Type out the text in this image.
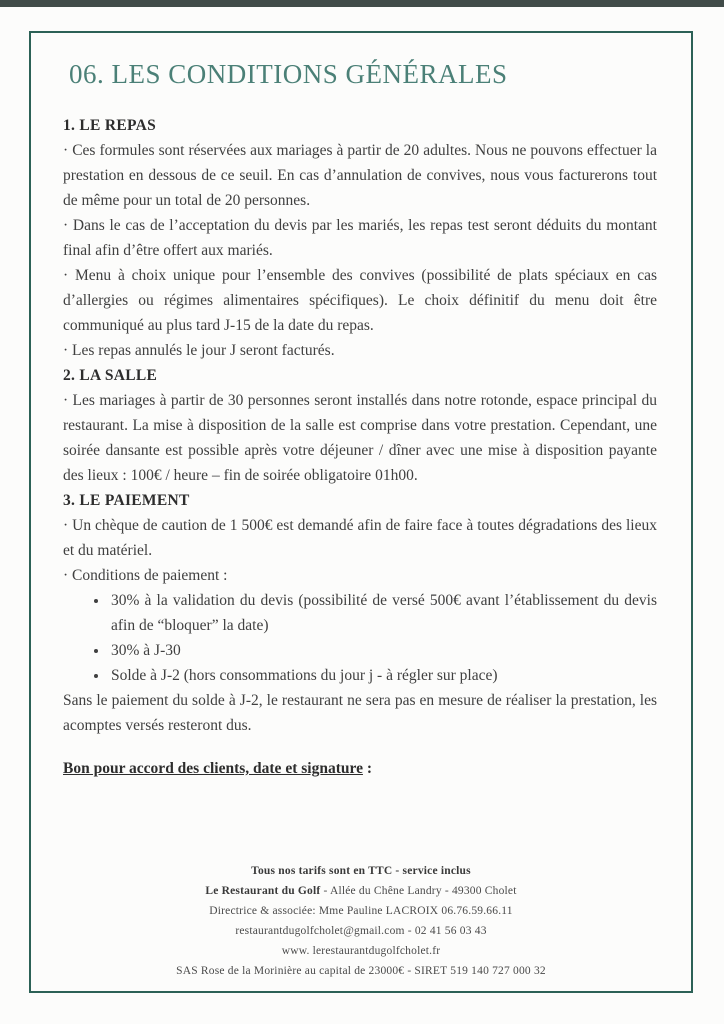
06. LES CONDITIONS GÉNÉRALES
1. LE REPAS

· Ces formules sont réservées aux mariages à partir de 20 adultes. Nous ne pouvons effectuer la prestation en dessous de ce seuil. En cas d’annulation de convives, nous vous facturerons tout de même pour un total de 20 personnes.

· Dans le cas de l’acceptation du devis par les mariés, les repas test seront déduits du montant final afin d’être offert aux mariés.

· Menu à choix unique pour l’ensemble des convives (possibilité de plats spéciaux en cas d’allergies ou régimes alimentaires spécifiques). Le choix définitif du menu doit être communiqué au plus tard J-15 de la date du repas.

· Les repas annulés le jour J seront facturés.

2. LA SALLE

· Les mariages à partir de 30 personnes seront installés dans notre rotonde, espace principal du restaurant. La mise à disposition de la salle est comprise dans votre prestation. Cependant, une soirée dansante est possible après votre déjeuner / dîner avec une mise à disposition payante des lieux : 100€ / heure – fin de soirée obligatoire 01h00.

3. LE PAIEMENT

· Un chèque de caution de 1 500€ est demandé afin de faire face à toutes dégradations des lieux et du matériel.

· Conditions de paiement :

• 30% à la validation du devis (possibilité de versé 500€ avant l’établissement du devis afin de “bloquer” la date)
• 30% à J-30
• Solde à J-2 (hors consommations du jour j - à régler sur place)

Sans le paiement du solde à J-2, le restaurant ne sera pas en mesure de réaliser la prestation, les acomptes versés resteront dus.

Bon pour accord des clients, date et signature :

Tous nos tarifs sont en TTC - service inclus
Le Restaurant du Golf - Allée du Chêne Landry - 49300 Cholet
Directrice & associée: Mme Pauline LACROIX 06.76.59.66.11
restaurantdugolfcholet@gmail.com - 02 41 56 03 43
www. lerestaurantdugolfcholet.fr
SAS Rose de la Morinière au capital de 23000€ - SIRET 519 140 727 000 32
